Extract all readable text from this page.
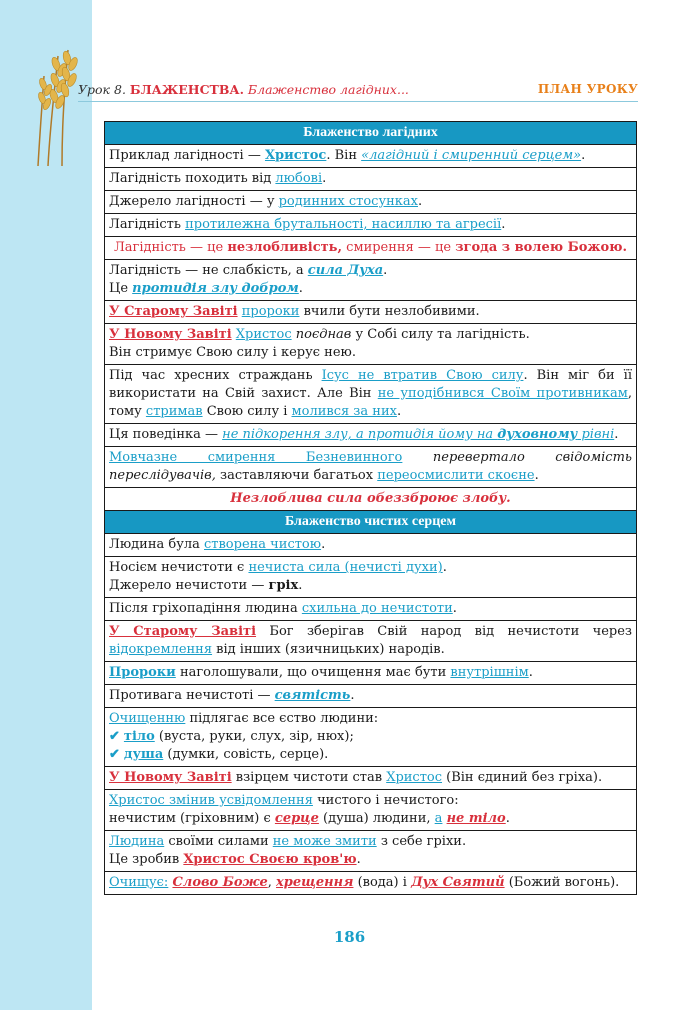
Урок 8. БЛАЖЕНСТВА. Блаженство лагідних...	ПЛАН УРОКУ
Блаженство лагідних
Приклад лагідності — Христос. Він «лагідний і смиренний серцем».
Лагідність походить від любові.
Джерело лагідності — у родинних стосунках.
Лагідність протилежна брутальності, насиллю та агресії.
Лагідність — це незлобливість, смирення — це згода з волею Божою.
Лагідність — не слабкість, а сила Духа.
Це протидія злу добром.
У Старому Завіті пророки вчили бути незлобивими.
У Новому Завіті Христос поєднав у Собі силу та лагідність.
Він стримує Свою силу і керує нею.
Під час хресних страждань Ісус не втратив Свою силу. Він міг би її використати на Свій захист. Але Він не уподібнився Своїм противникам, тому стримав Свою силу і молився за них.
Ця поведінка — не підкорення злу, а протидія йому на духовному рівні.
Мовчазне смирення Безневинного перевертало свідомість переслідувачів, заставляючи багатьох переосмислити скоєне.
Незлоблива сила обеззброює злобу.
Блаженство чистих серцем
Людина була створена чистою.
Носієм нечистоти є нечиста сила (нечисті духи).
Джерело нечистоти — гріх.
Після гріхопадіння людина схильна до нечистоти.
У Старому Завіті Бог зберігав Свій народ від нечистоти через відокремлення від інших (язичницьких) народів.
Пророки наголошували, що очищення має бути внутрішнім.
Противага нечистоті — святість.
Очищенню підлягає все єство людини:
✔ тіло (вуста, руки, слух, зір, нюх);
✔ душа (думки, совість, серце).
У Новому Завіті взірцем чистоти став Христос (Він єдиний без гріха).
Христос змінив усвідомлення чистого і нечистого:
нечистим (гріховним) є серце (душа) людини, а не тіло.
Людина своїми силами не може змити з себе гріхи.
Це зробив Христос Своєю кров'ю.
Очищує: Слово Боже, хрещення (вода) і Дух Святий (Божий вогонь).
186
